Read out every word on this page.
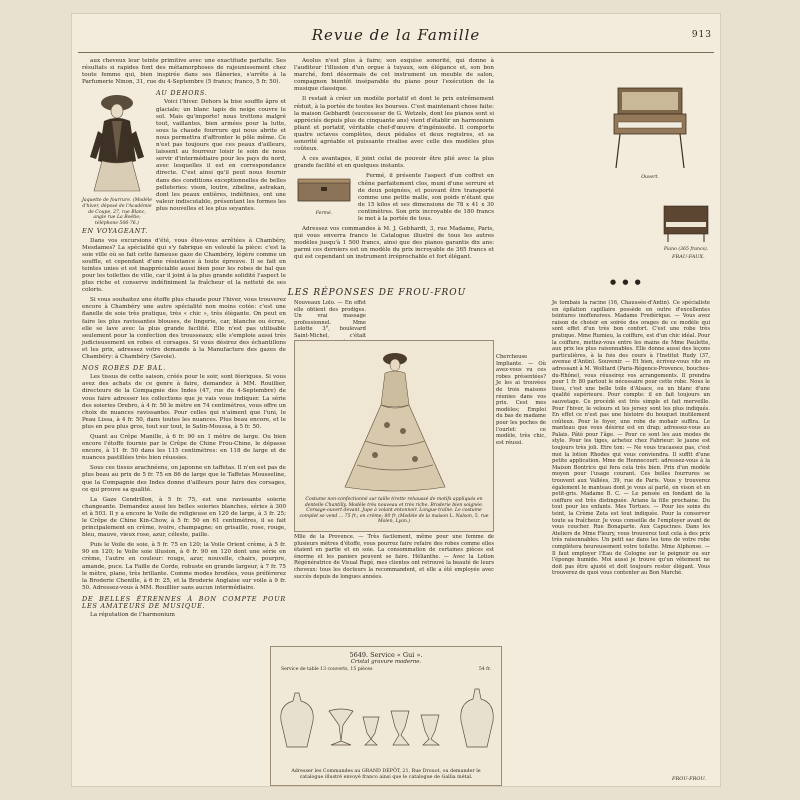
Revue de la Famille	913

aux cheveux leur teinte primitive avec une exactitude parfaite. Ses résultats si rapides font des métamorphoses de rajeunissement chez toute femme qui, bien inspirée dans ses flâneries, s'arrête à la Parfumerie Ninon, 31, rue du 4-Septembre (5 francs; franco, 5 fr. 50).

Jaquette de fourrure. (Modèle d'hiver, déposé de l'Académie de Coupe, 27, rue Blanc, angle rue La Boétie; téléphone 506-76.)
AU DEHORS.

Voici l'hiver. Dehors la bise souffle âpre et glaciale; un blanc tapis de neige couvre le sol. Mais qu'importe! nous trottons malgré tout, vaillantes, bien armées pour la lutte, sous la chaude fourrure qui nous abrite et nous permettra d'affronter le pôle même. Ce n'est pas toujours que ces peaux d'ailleurs, laissent au fourreur loisir le soin de nous servir d'intermédiaire pour les pays du nord, avec lesquelles il est en correspondance directe. C'est ainsi qu'il peut nous fournir dans des conditions exceptionnelles de belles pelleteries: vison, loutre, zibeline, astrakan, dont les peaux entières, indéfinies, ont une valeur indiscutable, présentant les formes les plus nouvelles et les plus seyantes.

EN VOYAGEANT.

Dans vos excursions d'été, vous êtes-vous arrêtées à Chambéry, Mesdames? La spécialité qui s'y fabrique en velouté la pièce: c'est la soie ville où se fait cette fameuse gaze de Chambéry, légère comme un souffle, et cependant d'une résistance à toute épreuve. Il se fait en teintes unies et est inappréciable aussi bien pour les robes de bal que pour les toilettes de ville, car il joint à la plus grande solidité l'aspect le plus riche et conserve indéfiniment la fraîcheur et la netteté de ses coloris.

Si vous souhaitez une étoffe plus chaude pour l'hiver, vous trouverez encore à Chambéry une autre spécialité non moins cotée: c'est une flanelle de soie très pratique, très « chic », très élégante. On peut en faire les plus ravissantes blouses, de lingerie, car, blanche ou écrue, elle se lave avec la plus grande facilité. Elle n'est pas utilisable seulement pour la confection des trousseaux; elle s'emploie aussi très judicieusement en robes et corsages. Si vous désirez des échantillons et les prix, adressez votre demande à la Manufacture des gazes de Chambéry: à Chambéry (Savoie).

NOS ROBES DE BAL.

Les tissus de cette saison, créés pour le soir, sont féeriques. Si vous avez des achats de ce genre à faire, demandez à MM. Rouillier, directeurs de la Compagnie des Indes (47, rue du 4-Septembre) de vous faire adresser les collections que je vais vous indiquer. La série des soieries Orebro, à 4 fr. 50 le mètre en 74 centimètres, vous offre un choix de nuances ravissantes. Pour celles qui n'aiment que l'uni, le Peau Lissa, à 4 fr. 50, dans toutes les nuances. Plus beau encore, et le plus en peu plus gros, tout sur tout, le Satin-Moussa, à 5 fr. 50.

Quant au Crêpe Manille, à 6 fr. 90 en 1 mètre de large. Ou bien encore l'étoffe fournie par le Crêpe de Chine Frou-Chine, le dépasse encore, à 11 fr. 50 dans les 115 centimètres: en 118 de large et de nuances pastillées très bien réussies.

Sous ces tissus arachnéens, on japonne en taffetas. Il n'en est pas de plus beau au prix de 5 fr. 75 en 86 de large que le Taffetas Mousseline, que la Compagnie des Indes donne d'ailleurs pour faire des corsages, ce qui prouve sa qualité.

La Gaze Cendrillon, à 5 fr. 75, est une ravissante soierie changeante. Demandez aussi les belles soieries blanches, séries à 300 et à 503. Il y a encore le Voile de religieuse en 120 de large, à 3 fr. 25; le Crêpe de Chine Kin-Chow, à 5 fr. 50 en 61 centimètres, il se fait principalement en crème, ivoire, champagne; en grisaille, rose, rouge, bleu, mauve, vieux rose, azur, céleste, paille.

Puis le Voile de soie, à 5 fr. 75 en 120; la Voile Orient crème, à 5 fr. 90 en 120; le Voile soie illusion, à 6 fr. 90 en 120 dont une série en crème, l'autre en couleur: rouge, azur, nouvelle, chairs, pourpre, amande, puce. La Faille de Corde, robuste en grande largeur, à 7 fr. 75 le mètre, plane, très brillante. Comme modes brodées, vous préférerez la Broderie Chenille, à 6 fr. 25, et la Broderie Anglaise sur voile à 9 fr. 50. Adressez-vous à MM. Rouillier sans aucun intermédiaire.

DE BELLES ÉTRENNES À BON COMPTE POUR LES AMATEURS DE MUSIQUE.

La réputation de l'harmonium

Aeolus n'est plus à faire; son exquise sonorité, qui donne à l'auditeur l'illusion d'un orgue à tuyaux, son élégance et, son bon marché, font désormais de cet instrument un meuble de salon, compagnon bientôt inséparable du piano pour l'exécution de la musique classique.

Il restait à créer un modèle portatif et dont le prix extrêmement réduit, à la portée de toutes les bourses. C'est maintenant chose faite: la maison Gebhardt (successeur de G. Wetzels, dont les pianos sont si appréciés depuis plus de cinquante ans) vient d'établir un harmonium pliant et portatif, véritable chef-d'œuvre d'ingéniosité. Il comporte quatre octaves complètes, deux pédales et deux registres, et sa sonorité agréable et puissante rivalise avec celle des modèles plus coûteux.

À ces avantages, il joint celui de pouvoir être plié avec la plus grande facilité et en quelques instants.

Fermé.

Fermé, il présente l'aspect d'un coffret en chêne parfaitement clos, muni d'une serrure et de deux poignées, et pouvant être transporté comme une petite malle, son poids n'étant que de 15 kilos et ses dimensions de 78 x 41 x 30 centimètres. Son prix incroyable de 180 francs le met à la portée de tous.

Adressez vos commandes à M. J. Gebhardt, 3, rue Madame, Paris, qui vous enverra franco le Catalogue illustré de tous les autres modèles jusqu'à 1 500 francs, ainsi que des pianos garantis dix ans: parmi ces derniers est un modèle du prix incroyable de 365 francs et qui est cependant un instrument irréprochable et fort élégant.

Ouvert.
Piano (365 francs).
FRAU-FAUX.
● ● ●
LES RÉPONSES DE FROU-FROU
Nouveaux Lolo. — En effet elle obtient des prodiges. Un vrai massage professionnel. Mme Lolotte 3°, boulevard Saint-Michel, c'était
Costume non-confectionné sur taille tirette rehaussé de motifs appliqués en dentelle Chantilly. Modèle très nouveau et très riche. Broderie bien soignée. Corsage-ouvert devant. Jupe à volant entonnoir. Longue traîne. Le costume complet se vend ... 75 fr.; en crème; 80 fr. (Modèle de la maison L. Nalson, 5, rue Molen, Lyon.)
Chercheuse Impliante. — Où avez-vous vu ces robes présentées? Je les ai trouvées de trois maisons réunies dans vos prix. Cest mes modèles; Emploi du bas de madame pour les poches de l'ourlet: ce modèle, très chic, est réussi.
Mlle de la Provence. — Très facilement, même pour une femme de plusieurs mètres d'étoffe, vous pourrez faire refaire des robes comme elles étaient en partie et en soie. La consommation de certaines pièces est énorme et les paniers peuvent se faire. Hélianthe. — Avec la Lotion Régénératrice de Visual Rugé, mes clientes ont retrouvé la beauté de leurs cheveux: tous les docteurs la recommandent, et elle a été employée avec succès depuis de longues années.
Je tombais la racine (16, Chaussée-d'Antin). Ce spécialiste en épilation capillaire possède en outre d'excellentes teintures inoffensives. Madame Fredérique. — Vous avez raison de choisir en soirée des orages de ce modèle qui sont effet d'un très bon confort. C'est une robe très pratique. Mme Rumieu, la coiffure, est d'un chic idéal. Pour la coiffure, mettez-vous entre les mains de Mme Paulette, aux prix les plus raisonnables. Elle donne aussi des leçons particulières, à la fois des cours à l'Institut Rudy (37, avenue d'Antin). Souvenir. — Et bien, écrivez-vous vite en adressant à M. Wolltard (Paris-Régence-Provence, bouches-du-Rhône), vous réussirez vos arrangements. Il prendra pour 1 fr. 80 partout le nécessaire pour cette robe. Nous le tissu, c'est une belle toile d'Alsace, ou un blanc d'une qualité supérieure. Pour compte: il en fait toujours un sauvetage. Ce procédé est très simple et fait merveille. Pour l'hiver, le velours et les jersey sont les plus indiqués. En effet ce n'est pas une histoire du bouquet inutilement coûteux. Pour le foyer, une robe de mohair suffira. Le manteau que vous désirez est en drap; adressez-vous au Palais. Pâté pour l'âge. — Pour ce sont les aux modes de style. Pour les tiges, achetez chez Fabrieur: le jaune est toujours très joli. Etre ton: — Ne vous tracassez pas, c'est moi la lotion Rhodes qui vous conviendra. Il suffit d'une petite application. Mme de Hennecourt: adressez-vous à la Maison Bontrice qui fera cela très bien. Prix d'un modèle moyen pour l'usage courant. Ces belles fourrures se trouvent aux Vallées, 39, rue de Paris. Vous y trouverez également le manteau dont je vous ai parlé, en vison et en petit-gris. Madame B. C. — Le pensée en fondant de la coiffure est très distinguée. Ariane la fille prochaine. Du tout pour les enfants. Mes Tortues. — Pour les soins du teint, la Crème Zeta est tout indiquée. Pour la conserver toute sa fraîcheur. Je vous conseille de l'employer avant de vous coucher. Rue Bonaparte. Aux Capucines. Dans les Ateliers de Mme Fleury, vous trouverez tout cela à des prix très raisonnables. Un petit sac dans les tons de votre robe complètera heureusement votre toilette. Mme Alphonse. — Il faut employer l'Eau de Cologne sur le peignoir ou sur l'éponge humide. Moi aussi je trouve qu'un vêtement ne doit pas être ajusté et doit toujours rester élégant. Vous trouverez de quoi vous contenter au Bon Marché.
FROU-FROU.
5649. Service « Gui ».
Cristal gravure moderne.
Service de table 13 couverts, 15 pièces	54 fr.
Adresser les Commandes au GRAND DÉPÔT, 21, Rue Drouot, ou demander le catalogue illustré envoyé franco ainsi que le catalogue de Gallia métal.
